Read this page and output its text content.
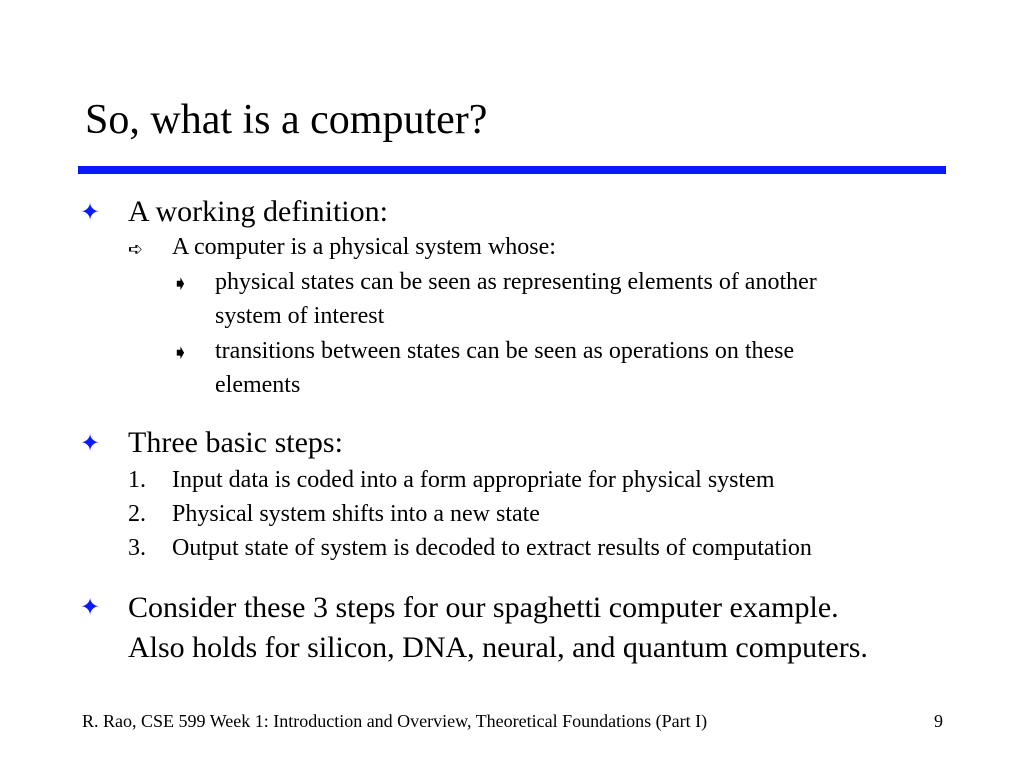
So, what is a computer?
✦ A working definition:
➪ A computer is a physical system whose:
➧ physical states can be seen as representing elements of another
system of interest
➧ transitions between states can be seen as operations on these
elements
✦ Three basic steps:
1. Input data is coded into a form appropriate for physical system
2. Physical system shifts into a new state
3. Output state of system is decoded to extract results of computation
✦ Consider these 3 steps for our spaghetti computer example.
Also holds for silicon, DNA, neural, and quantum computers.
R. Rao, CSE 599 Week 1: Introduction and Overview, Theoretical Foundations (Part I)	9
